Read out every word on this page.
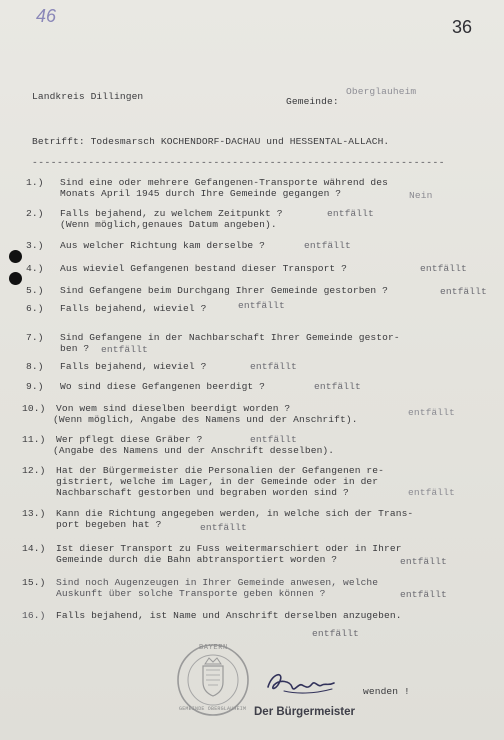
46
36
Landkreis Dillingen	Gemeinde:
Oberglauheim
Betrifft: Todesmarsch KOCHENDORF-DACHAU und HESSENTAL-ALLACH.
------------------------------------------------------------------
1.) Sind eine oder mehrere Gefangenen-Transporte während des
Monats April 1945 durch Ihre Gemeinde gegangen ?	Nein
2.) Falls bejahend, zu welchem Zeitpunkt ?	entfällt
(Wenn möglich,genaues Datum angeben).
3.) Aus welcher Richtung kam derselbe ?	entfällt
4.) Aus wieviel Gefangenen bestand dieser Transport ?	entfällt
5.) Sind Gefangene beim Durchgang Ihrer Gemeinde gestorben ?	entfällt
6.) Falls bejahend, wieviel ?	entfällt
7.) Sind Gefangene in der Nachbarschaft Ihrer Gemeinde gestor-
ben ? entfällt
8.) Falls bejahend, wieviel ?	entfällt
9.) Wo sind diese Gefangenen beerdigt ?	entfällt
10.) Von wem sind dieselben beerdigt worden ?
(Wenn möglich, Angabe des Namens und der Anschrift).
entfällt
11.) Wer pflegt diese Gräber ?	entfällt
(Angabe des Namens und der Anschrift desselben).
12.) Hat der Bürgermeister die Personalien der Gefangenen re-
gistriert, welche im Lager, in der Gemeinde oder in der
Nachbarschaft gestorben und begraben worden sind ?	entfällt
13.) Kann die Richtung angegeben werden, in welche sich der Trans-
port begeben hat ?	entfällt
14.) Ist dieser Transport zu Fuss weitermarschiert oder in Ihrer
Gemeinde durch die Bahn abtransportiert worden ?	entfällt
15.) Sind noch Augenzeugen in Ihrer Gemeinde anwesen, welche
Auskunft über solche Transporte geben können ?	entfällt
16.) Falls bejahend, ist Name und Anschrift derselben anzugeben.
entfällt
BAYERN
GEMEINDE OBERGLAUHEIM
wenden !
Der Bürgermeister
